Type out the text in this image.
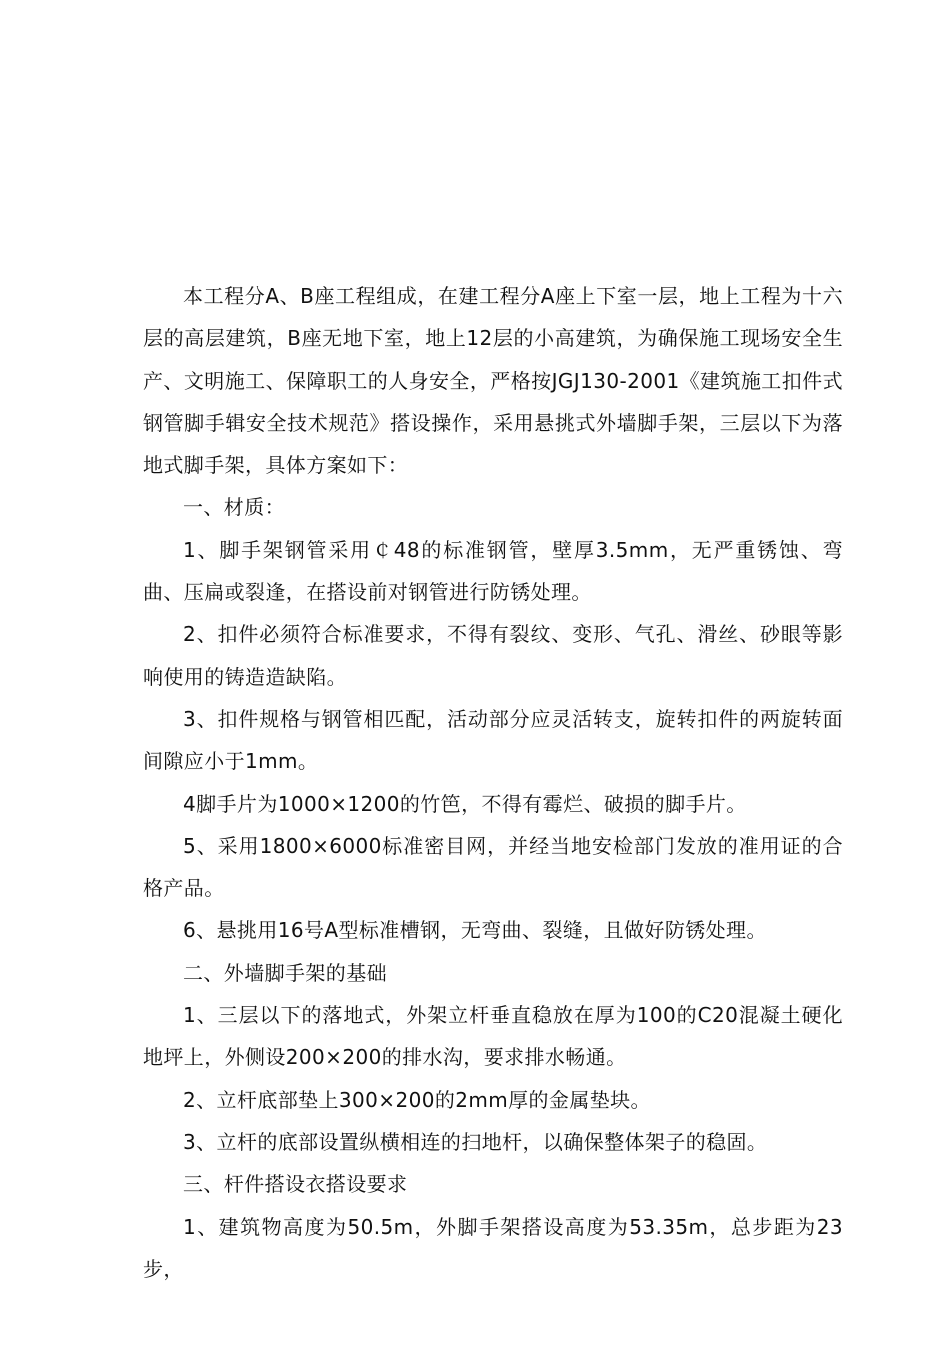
本工程分A、B座工程组成，在建工程分A座上下室一层，地上工程为十六层的高层建筑，B座无地下室，地上12层的小高建筑，为确保施工现场安全生产、文明施工、保障职工的人身安全，严格按JGJ130-2001《建筑施工扣件式钢管脚手辑安全技术规范》搭设操作，采用悬挑式外墙脚手架，三层以下为落地式脚手架，具体方案如下：

一、材质：

1、脚手架钢管采用￠48的标准钢管，壁厚3.5mm，无严重锈蚀、弯曲、压扁或裂逢，在搭设前对钢管进行防锈处理。

2、扣件必须符合标准要求，不得有裂纹、变形、气孔、滑丝、砂眼等影响使用的铸造造缺陷。

3、扣件规格与钢管相匹配，活动部分应灵活转支，旋转扣件的两旋转面间隙应小于1mm。

4脚手片为1000×1200的竹笆，不得有霉烂、破损的脚手片。

5、采用1800×6000标准密目网，并经当地安检部门发放的准用证的合格产品。

6、悬挑用16号A型标准槽钢，无弯曲、裂缝，且做好防锈处理。

二、外墙脚手架的基础

1、三层以下的落地式，外架立杆垂直稳放在厚为100的C20混凝土硬化地坪上，外侧设200×200的排水沟，要求排水畅通。

2、立杆底部垫上300×200的2mm厚的金属垫块。

3、立杆的底部设置纵横相连的扫地杆，以确保整体架子的稳固。

三、杆件搭设衣搭设要求

1、建筑物高度为50.5m，外脚手架搭设高度为53.35m，总步距为23步，
